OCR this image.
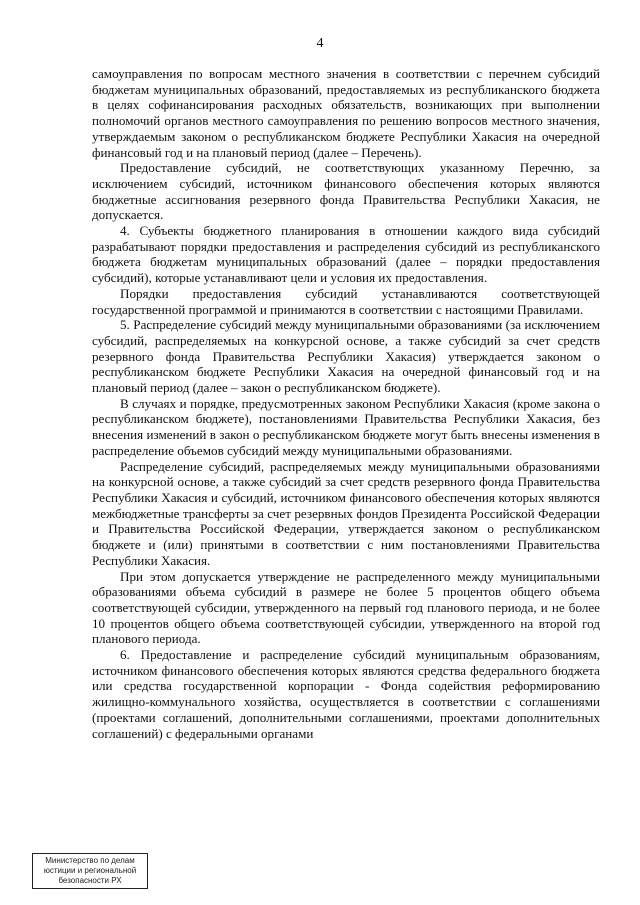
4

самоуправления по вопросам местного значения в соответствии с перечнем субсидий бюджетам муниципальных образований, предоставляемых из республиканского бюджета в целях софинансирования расходных обязательств, возникающих при выполнении полномочий органов местного самоуправления по решению вопросов местного значения, утверждаемым законом о республиканском бюджете Республики Хакасия на очередной финансовый год и на плановый период (далее – Перечень).

Предоставление субсидий, не соответствующих указанному Перечню, за исключением субсидий, источником финансового обеспечения которых являются бюджетные ассигнования резервного фонда Правительства Республики Хакасия, не допускается.

4. Субъекты бюджетного планирования в отношении каждого вида субсидий разрабатывают порядки предоставления и распределения субсидий из республиканского бюджета бюджетам муниципальных образований (далее – порядки предоставления субсидий), которые устанавливают цели и условия их предоставления.

Порядки предоставления субсидий устанавливаются соответствующей государственной программой и принимаются в соответствии с настоящими Правилами.

5. Распределение субсидий между муниципальными образованиями (за исключением субсидий, распределяемых на конкурсной основе, а также субсидий за счет средств резервного фонда Правительства Республики Хакасия) утверждается законом о республиканском бюджете Республики Хакасия на очередной финансовый год и на плановый период (далее – закон о республиканском бюджете).

В случаях и порядке, предусмотренных законом Республики Хакасия (кроме закона о республиканском бюджете), постановлениями Правительства Республики Хакасия, без внесения изменений в закон о республиканском бюджете могут быть внесены изменения в распределение объемов субсидий между муниципальными образованиями.

Распределение субсидий, распределяемых между муниципальными образованиями на конкурсной основе, а также субсидий за счет средств резервного фонда Правительства Республики Хакасия и субсидий, источником финансового обеспечения которых являются межбюджетные трансферты за счет резервных фондов Президента Российской Федерации и Правительства Российской Федерации, утверждается законом о республиканском бюджете и (или) принятыми в соответствии с ним постановлениями Правительства Республики Хакасия.

При этом допускается утверждение не распределенного между муниципальными образованиями объема субсидий в размере не более 5 процентов общего объема соответствующей субсидии, утвержденного на первый год планового периода, и не более 10 процентов общего объема соответствующей субсидии, утвержденного на второй год планового периода.

6. Предоставление и распределение субсидий муниципальным образованиям, источником финансового обеспечения которых являются средства федерального бюджета или средства государственной корпорации - Фонда содействия реформированию жилищно-коммунального хозяйства, осуществляется в соответствии с соглашениями (проектами соглашений, дополнительными соглашениями, проектами дополнительных соглашений) с федеральными органами

Министерство по делам
юстиции и региональной
безопасности РХ
